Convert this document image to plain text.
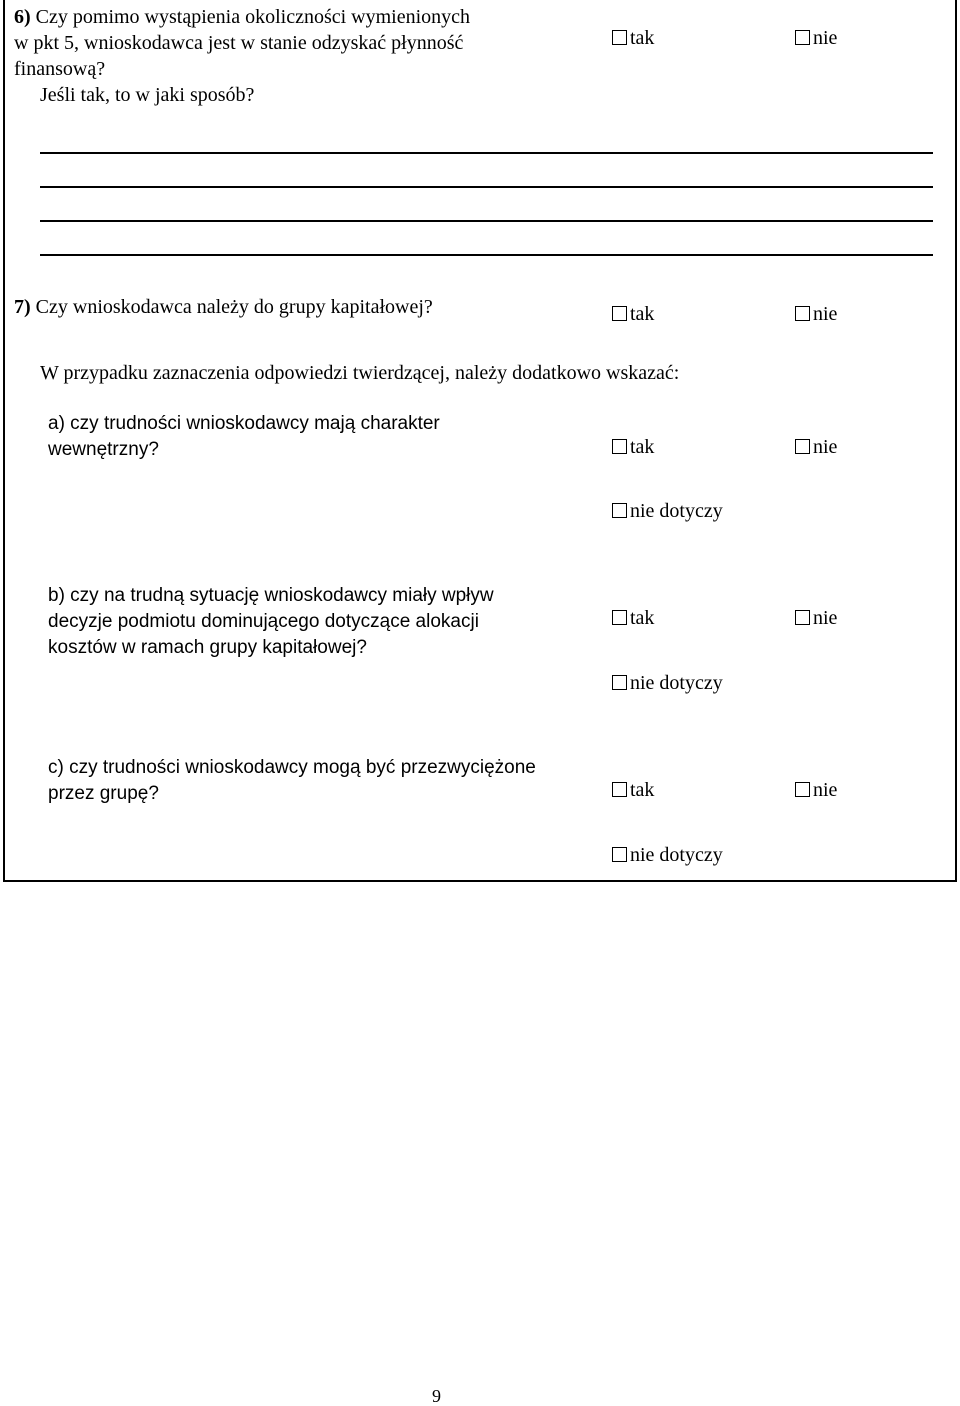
6) Czy pomimo wystąpienia okoliczności wymienionych
w pkt 5, wnioskodawca jest w stanie odzyskać płynność
finansową?
Jeśli tak, to w jaki sposób?
tak	nie
7) Czy wnioskodawca należy do grupy kapitałowej?	tak	nie
W przypadku zaznaczenia odpowiedzi twierdzącej, należy dodatkowo wskazać:
a) czy trudności wnioskodawcy mają charakter
wewnętrzny?	tak	nie
nie dotyczy
b) czy na trudną sytuację wnioskodawcy miały wpływ
decyzje podmiotu dominującego dotyczące alokacji
kosztów w ramach grupy kapitałowej?
tak	nie
nie dotyczy
c) czy trudności wnioskodawcy mogą być przezwyciężone
przez grupę?	tak	nie
nie dotyczy
9
